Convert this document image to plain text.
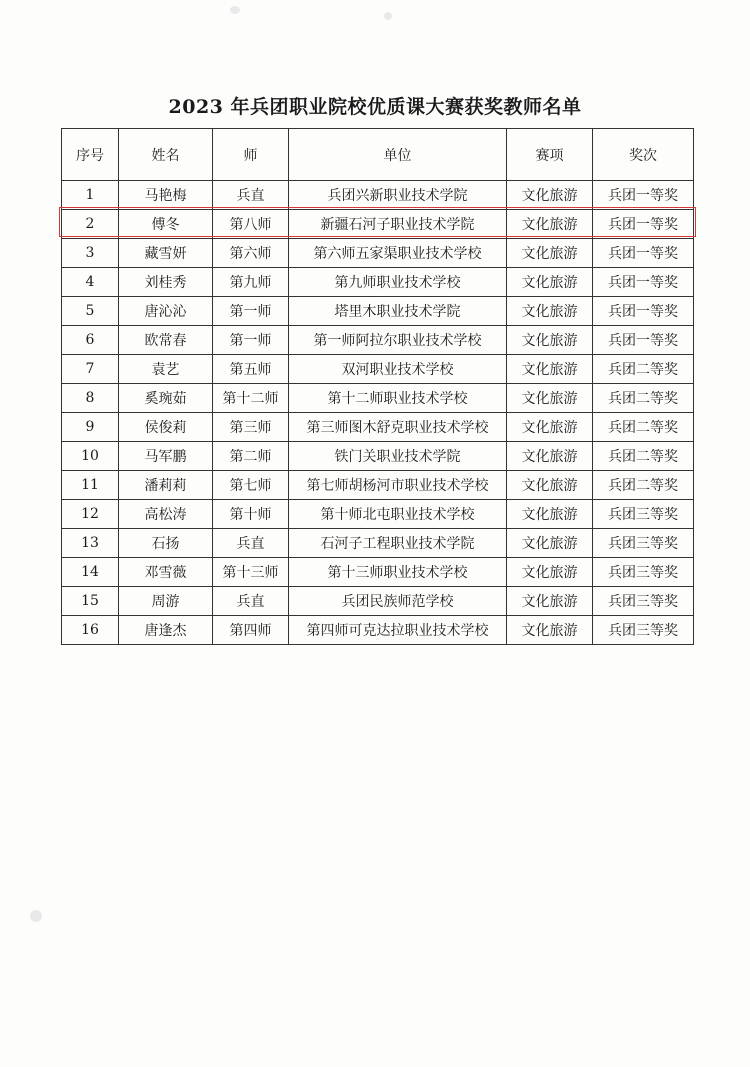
2023 年兵团职业院校优质课大赛获奖教师名单
序号	姓名	师	单位	赛项	奖次
1	马艳梅	兵直	兵团兴新职业技术学院	文化旅游	兵团一等奖
2	傅冬	第八师	新疆石河子职业技术学院	文化旅游	兵团一等奖
3	藏雪妍	第六师	第六师五家渠职业技术学校	文化旅游	兵团一等奖
4	刘桂秀	第九师	第九师职业技术学校	文化旅游	兵团一等奖
5	唐沁沁	第一师	塔里木职业技术学院	文化旅游	兵团一等奖
6	欧常春	第一师	第一师阿拉尔职业技术学校	文化旅游	兵团一等奖
7	袁艺	第五师	双河职业技术学校	文化旅游	兵团二等奖
8	奚琬茹	第十二师	第十二师职业技术学校	文化旅游	兵团二等奖
9	侯俊莉	第三师	第三师图木舒克职业技术学校	文化旅游	兵团二等奖
10	马军鹏	第二师	铁门关职业技术学院	文化旅游	兵团二等奖
11	潘莉莉	第七师	第七师胡杨河市职业技术学校	文化旅游	兵团二等奖
12	高松涛	第十师	第十师北屯职业技术学校	文化旅游	兵团三等奖
13	石扬	兵直	石河子工程职业技术学院	文化旅游	兵团三等奖
14	邓雪薇	第十三师	第十三师职业技术学校	文化旅游	兵团三等奖
15	周游	兵直	兵团民族师范学校	文化旅游	兵团三等奖
16	唐逢杰	第四师	第四师可克达拉职业技术学校	文化旅游	兵团三等奖
